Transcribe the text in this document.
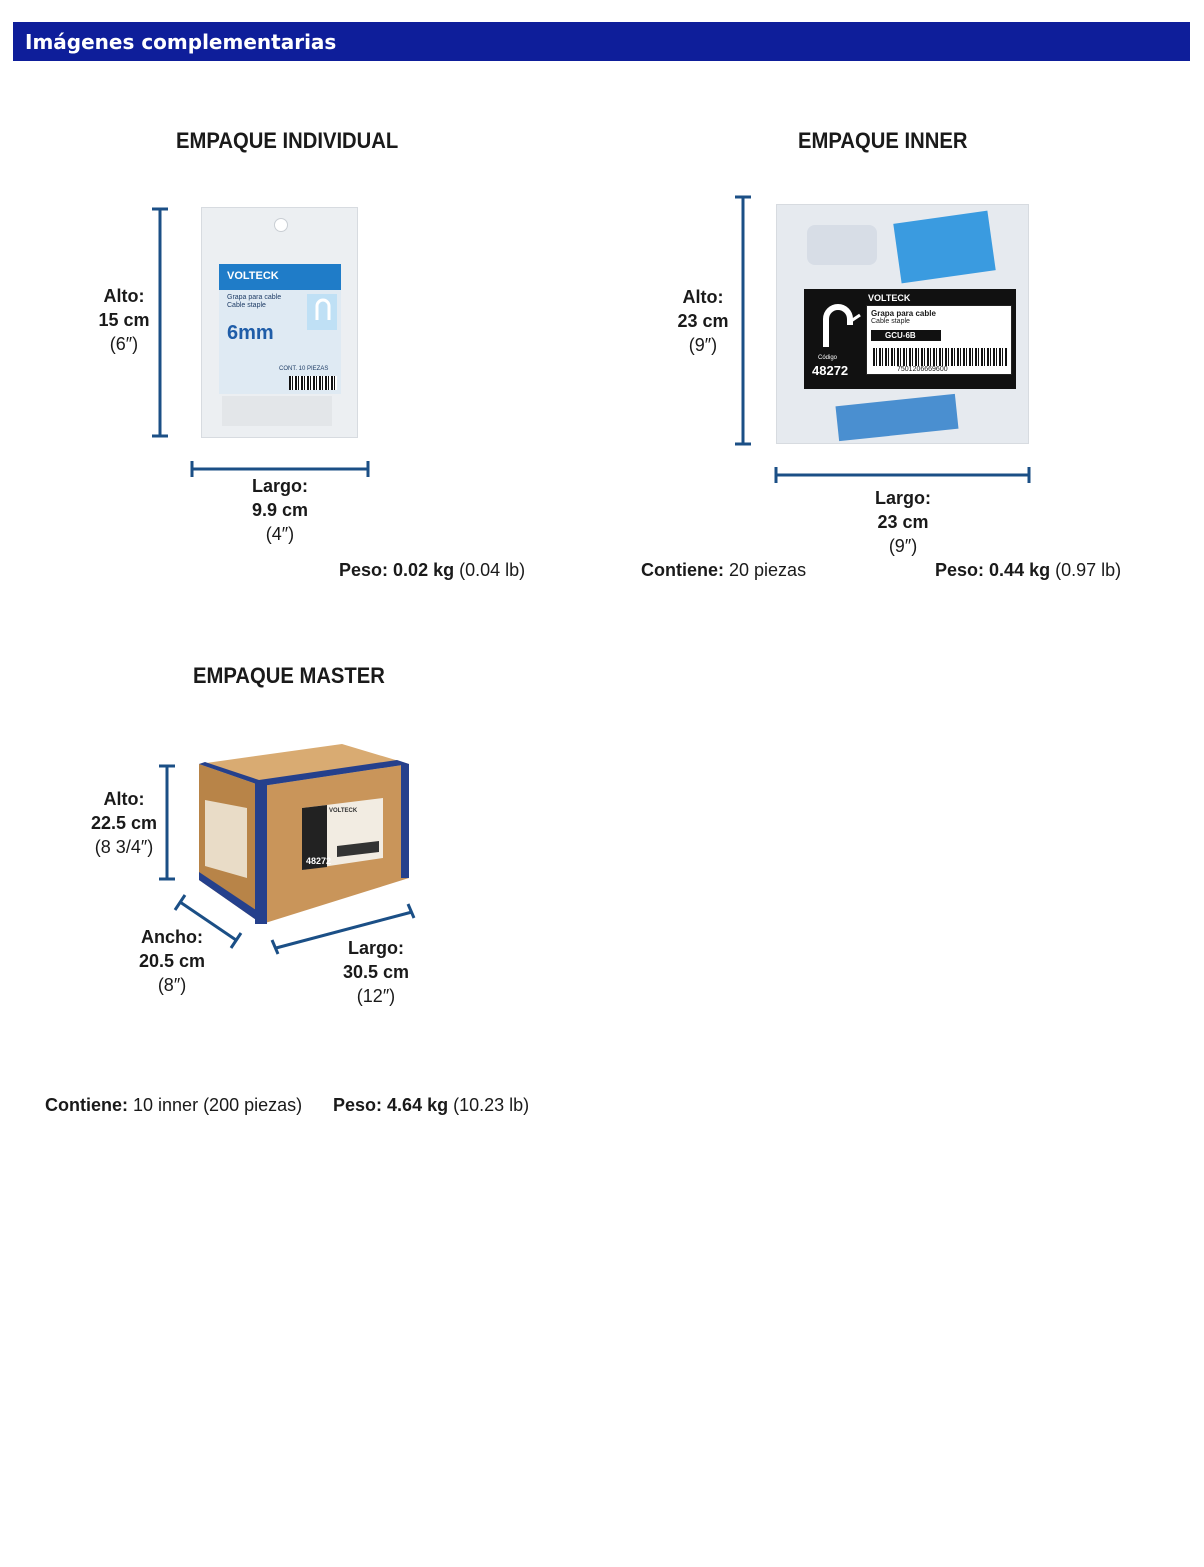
Imágenes complementarias
EMPAQUE INDIVIDUAL
Alto:
15 cm
(6″)
VOLTECK
Grapa para cable
Cable staple
6mm
CONT. 10 PIEZAS
Largo:
9.9 cm
(4″)
Peso: 0.02 kg (0.04 lb)
EMPAQUE INNER
Alto:
23 cm
(9″)
VOLTECK
Grapa para cable
Cable staple
GCU-6B
7501206669600
Código
48272
Largo:
23 cm
(9″)
Contiene: 20 piezas	Peso: 0.44 kg (0.97 lb)
EMPAQUE MASTER
Alto:
22.5 cm
(8 3/4″)
48272
VOLTECK
Ancho:
20.5 cm
(8″)
Largo:
30.5 cm
(12″)
Contiene: 10 inner (200 piezas) Peso: 4.64 kg (10.23 lb)
